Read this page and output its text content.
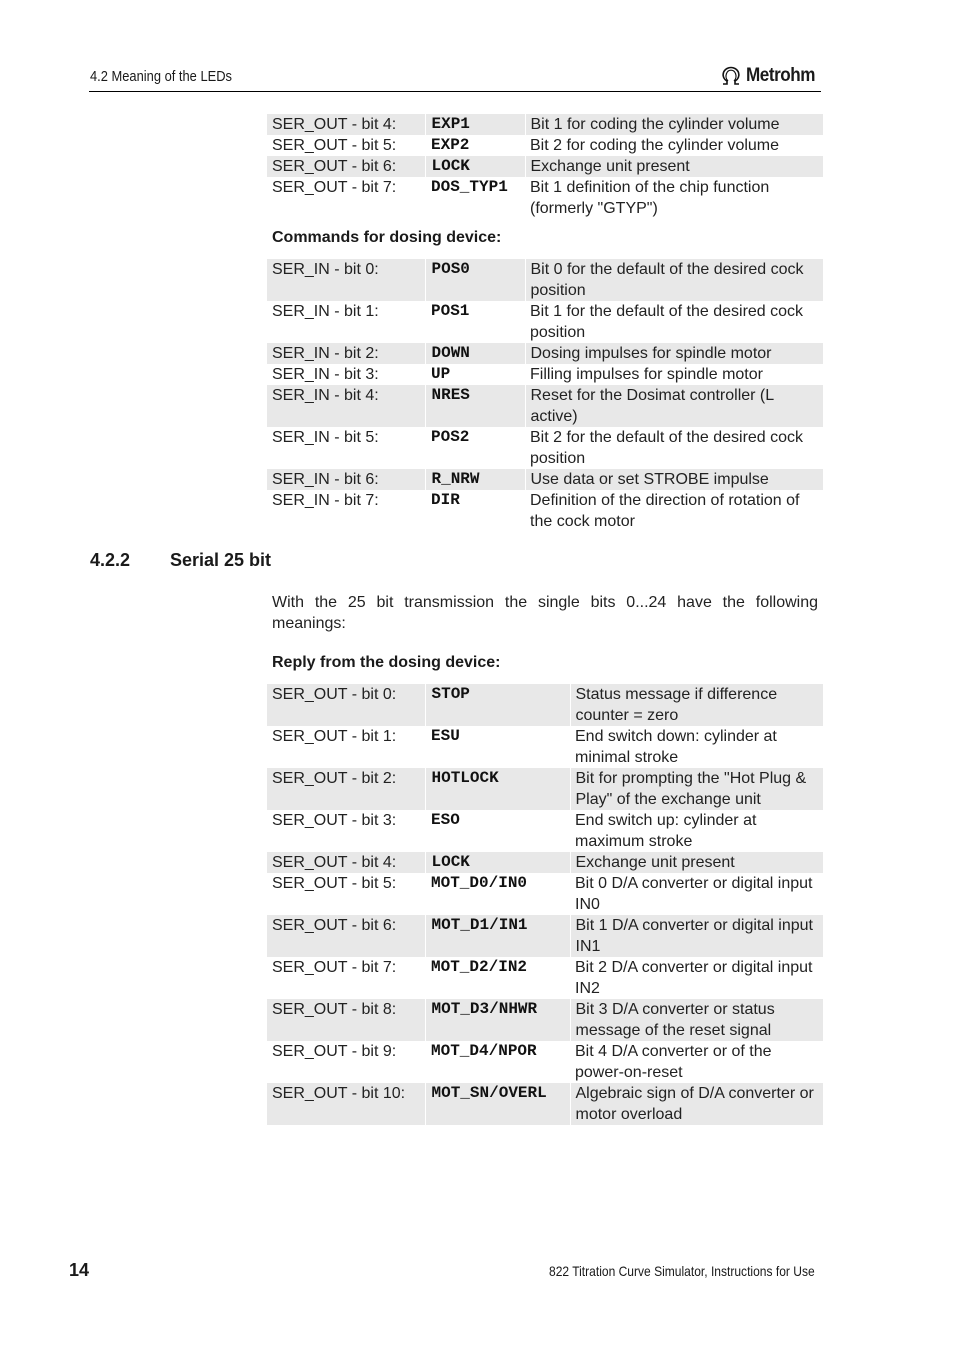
4.2 Meaning of the LEDs	Metrohm
SER_OUT - bit 4:	EXP1	Bit 1 for coding the cylinder volume
SER_OUT - bit 5:	EXP2	Bit 2 for coding the cylinder volume
SER_OUT - bit 6:	LOCK	Exchange unit present
SER_OUT - bit 7:	DOS_TYP1	Bit 1 definition of the chip function (formerly "GTYP")
Commands for dosing device:
SER_IN - bit 0:	POS0	Bit 0 for the default of the desired cock position
SER_IN - bit 1:	POS1	Bit 1 for the default of the desired cock position
SER_IN - bit 2:	DOWN	Dosing impulses for spindle motor
SER_IN - bit 3:	UP	Filling impulses for spindle motor
SER_IN - bit 4:	NRES	Reset for the Dosimat controller (L active)
SER_IN - bit 5:	POS2	Bit 2 for the default of the desired cock position
SER_IN - bit 6:	R_NRW	Use data or set STROBE impulse
SER_IN - bit 7:	DIR	Definition of the direction of rotation of the cock motor
4.2.2 Serial 25 bit
With the 25 bit transmission the single bits 0...24 have the following meanings:
Reply from the dosing device:
SER_OUT - bit 0:	STOP	Status message if difference counter = zero
SER_OUT - bit 1:	ESU	End switch down: cylinder at minimal stroke
SER_OUT - bit 2:	HOTLOCK	Bit for prompting the "Hot Plug & Play" of the exchange unit
SER_OUT - bit 3:	ESO	End switch up: cylinder at maximum stroke
SER_OUT - bit 4:	LOCK	Exchange unit present
SER_OUT - bit 5:	MOT_D0/IN0	Bit 0 D/A converter or digital input IN0
SER_OUT - bit 6:	MOT_D1/IN1	Bit 1 D/A converter or digital input IN1
SER_OUT - bit 7:	MOT_D2/IN2	Bit 2 D/A converter or digital input IN2
SER_OUT - bit 8:	MOT_D3/NHWR	Bit 3 D/A converter or status message of the reset signal
SER_OUT - bit 9:	MOT_D4/NPOR	Bit 4 D/A converter or of the power-on-reset
SER_OUT - bit 10:	MOT_SN/OVERL	Algebraic sign of D/A converter or motor overload
14	822 Titration Curve Simulator, Instructions for Use
